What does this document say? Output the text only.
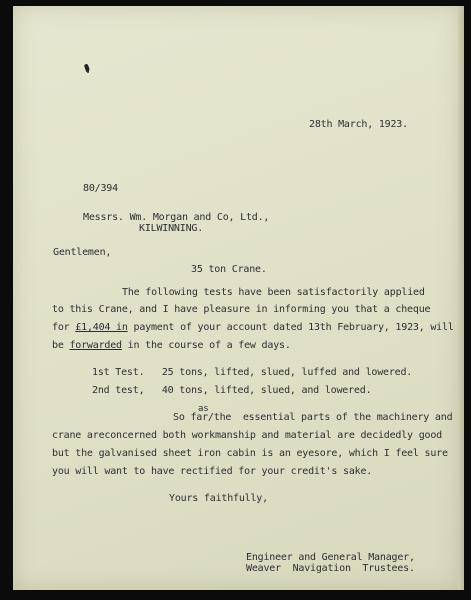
28th March, 1923.
80/394
Messrs. Wm. Morgan and Co, Ltd.,
KILWINNING.
Gentlemen,
35 ton Crane.
The following tests have been satisfactorily applied
to this Crane, and I have pleasure in informing you that a cheque
for £1,404 in payment of your account dated 13th February, 1923, will
be forwarded in the course of a few days.
1st Test.   25 tons, lifted, slued, luffed and lowered.
2nd test,   40 tons, lifted, slued, and lowered.
as
So far/the  essential parts of the machinery and
crane areconcerned both workmanship and material are decidedly good
but the galvanised sheet iron cabin is an eyesore, which I feel sure
you will want to have rectified for your credit's sake.
Yours faithfully,
Engineer and General Manager,
Weaver  Navigation  Trustees.
